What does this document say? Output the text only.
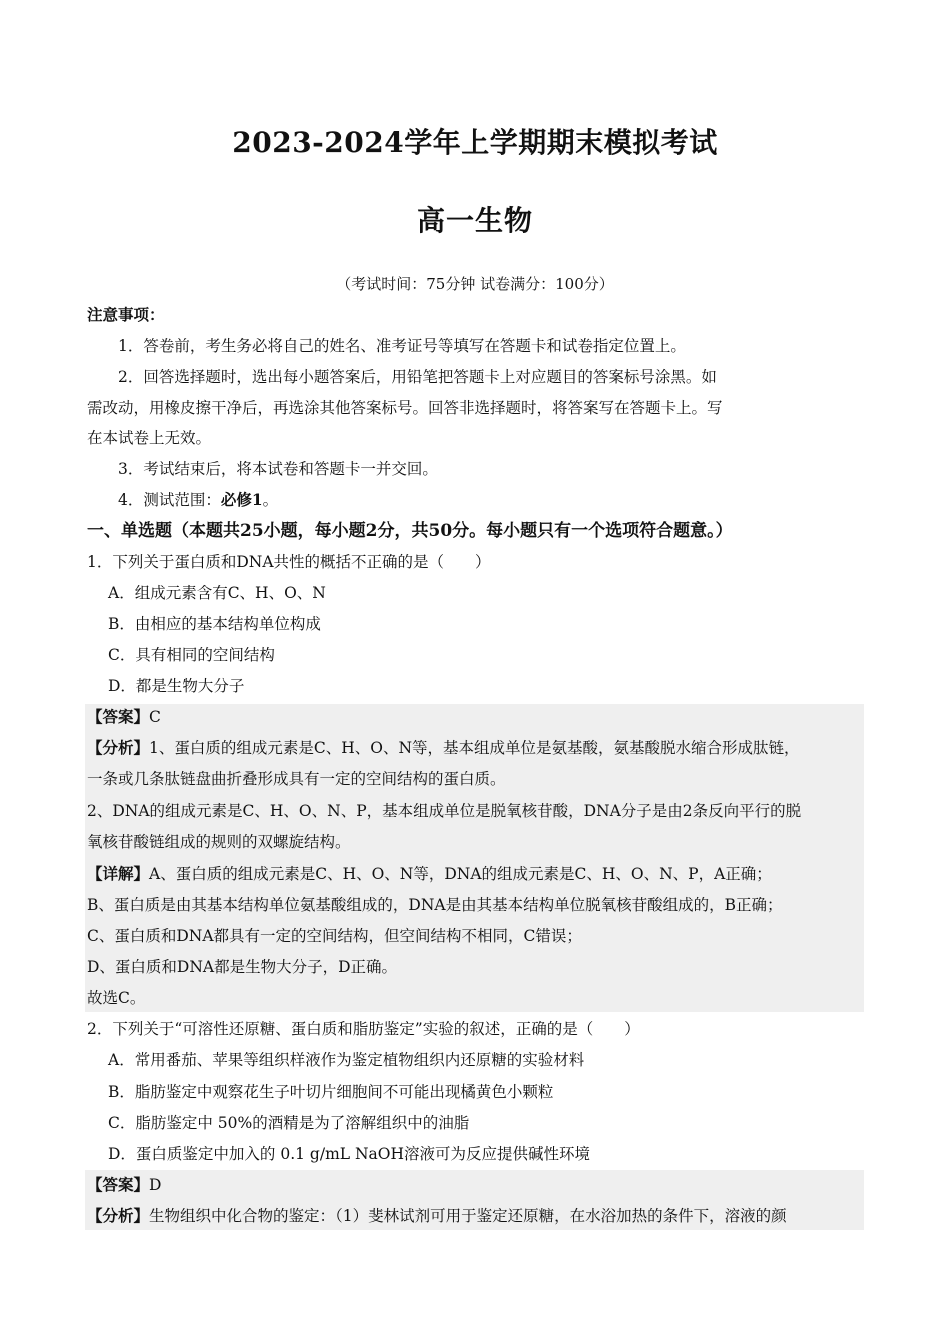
2023-2024学年上学期期末模拟考试
高一生物
（考试时间：75分钟 试卷满分：100分）
注意事项：
1．答卷前，考生务必将自己的姓名、准考证号等填写在答题卡和试卷指定位置上。
2．回答选择题时，选出每小题答案后，用铅笔把答题卡上对应题目的答案标号涂黑。如
需改动，用橡皮擦干净后，再选涂其他答案标号。回答非选择题时，将答案写在答题卡上。写
在本试卷上无效。
3．考试结束后，将本试卷和答题卡一并交回。
4．测试范围：必修1。
一、单选题（本题共25小题，每小题2分，共50分。每小题只有一个选项符合题意。）
1．下列关于蛋白质和DNA共性的概括不正确的是（　　）
A．组成元素含有C、H、O、N
B．由相应的基本结构单位构成
C．具有相同的空间结构
D．都是生物大分子
【答案】C
【分析】1、蛋白质的组成元素是C、H、O、N等，基本组成单位是氨基酸，氨基酸脱水缩合形成肽链，
一条或几条肽链盘曲折叠形成具有一定的空间结构的蛋白质。
2、DNA的组成元素是C、H、O、N、P，基本组成单位是脱氧核苷酸，DNA分子是由2条反向平行的脱
氧核苷酸链组成的规则的双螺旋结构。
【详解】A、蛋白质的组成元素是C、H、O、N等，DNA的组成元素是C、H、O、N、P，A正确；
B、蛋白质是由其基本结构单位氨基酸组成的，DNA是由其基本结构单位脱氧核苷酸组成的，B正确；
C、蛋白质和DNA都具有一定的空间结构，但空间结构不相同，C错误；
D、蛋白质和DNA都是生物大分子，D正确。
故选C。
2．下列关于“可溶性还原糖、蛋白质和脂肪鉴定”实验的叙述，正确的是（　　）
A．常用番茄、苹果等组织样液作为鉴定植物组织内还原糖的实验材料
B．脂肪鉴定中观察花生子叶切片细胞间不可能出现橘黄色小颗粒
C．脂肪鉴定中 50%的酒精是为了溶解组织中的油脂
D．蛋白质鉴定中加入的 0.1 g/mL NaOH溶液可为反应提供碱性环境
【答案】D
【分析】生物组织中化合物的鉴定：（1）斐林试剂可用于鉴定还原糖，在水浴加热的条件下，溶液的颜
